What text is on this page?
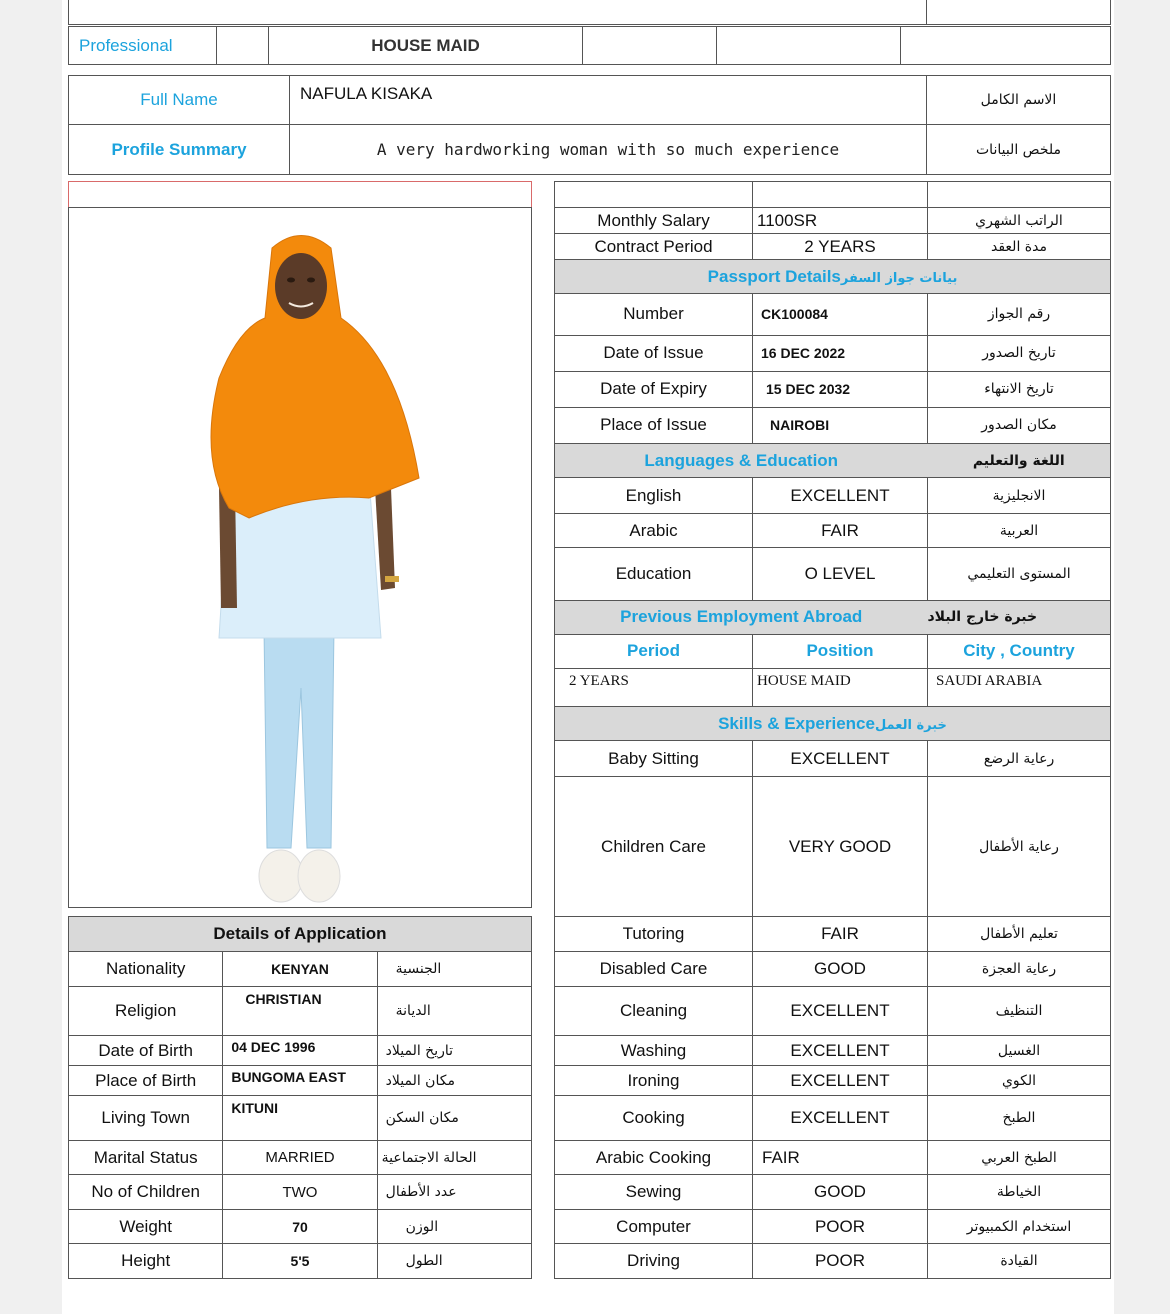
Professional		HOUSE MAID			
Full Name	NAFULA KISAKA	الاسم الكامل
Profile Summary	A very hardworking woman with so much experience	ملخص البيانات

Monthly Salary	1100SR	الراتب الشهري
Contract Period	2 YEARS	مدة العقد
Passport Detailsبيانات جواز السفر		
Number	CK100084	رقم الجواز
Date of Issue	16 DEC 2022	تاريخ الصدور
Date of Expiry	15 DEC 2032	تاريخ الانتهاء
Place of Issue	NAIROBI	مكان الصدور
Languages & Education		اللغة والتعليم
English	EXCELLENT	الانجليزية
Arabic	FAIR	العربية
Education	O LEVEL	المستوى التعليمي
Previous Employment Abroad		خبرة خارج البلاد
Period	Position	City , Country
2 YEARS	HOUSE MAID	SAUDI ARABIA
Skills & Experienceخبرة العمل		
Baby Sitting	EXCELLENT	رعاية الرضع
Children Care	VERY GOOD	رعاية الأطفال
Tutoring	FAIR	تعليم الأطفال
Disabled Care	GOOD	رعاية العجزة
Cleaning	EXCELLENT	التنظيف
Washing	EXCELLENT	الغسيل
Ironing	EXCELLENT	الكوي
Cooking	EXCELLENT	الطبخ
Arabic Cooking	FAIR	الطبخ العربي
Sewing	GOOD	الخياطة
Computer	POOR	استخدام الكمبيوتر
Driving	POOR	القيادة
Details of Application		
Nationality	KENYAN	الجنسية
Religion	CHRISTIAN	الديانة
Date of Birth	04 DEC 1996	تاريخ الميلاد
Place of Birth	BUNGOMA EAST	مكان الميلاد
Living Town	KITUNI	مكان السكن
Marital Status	MARRIED	الحالة الاجتماعية
No of Children	TWO	عدد الأطفال
Weight	70	الوزن
Height	5'5	الطول
